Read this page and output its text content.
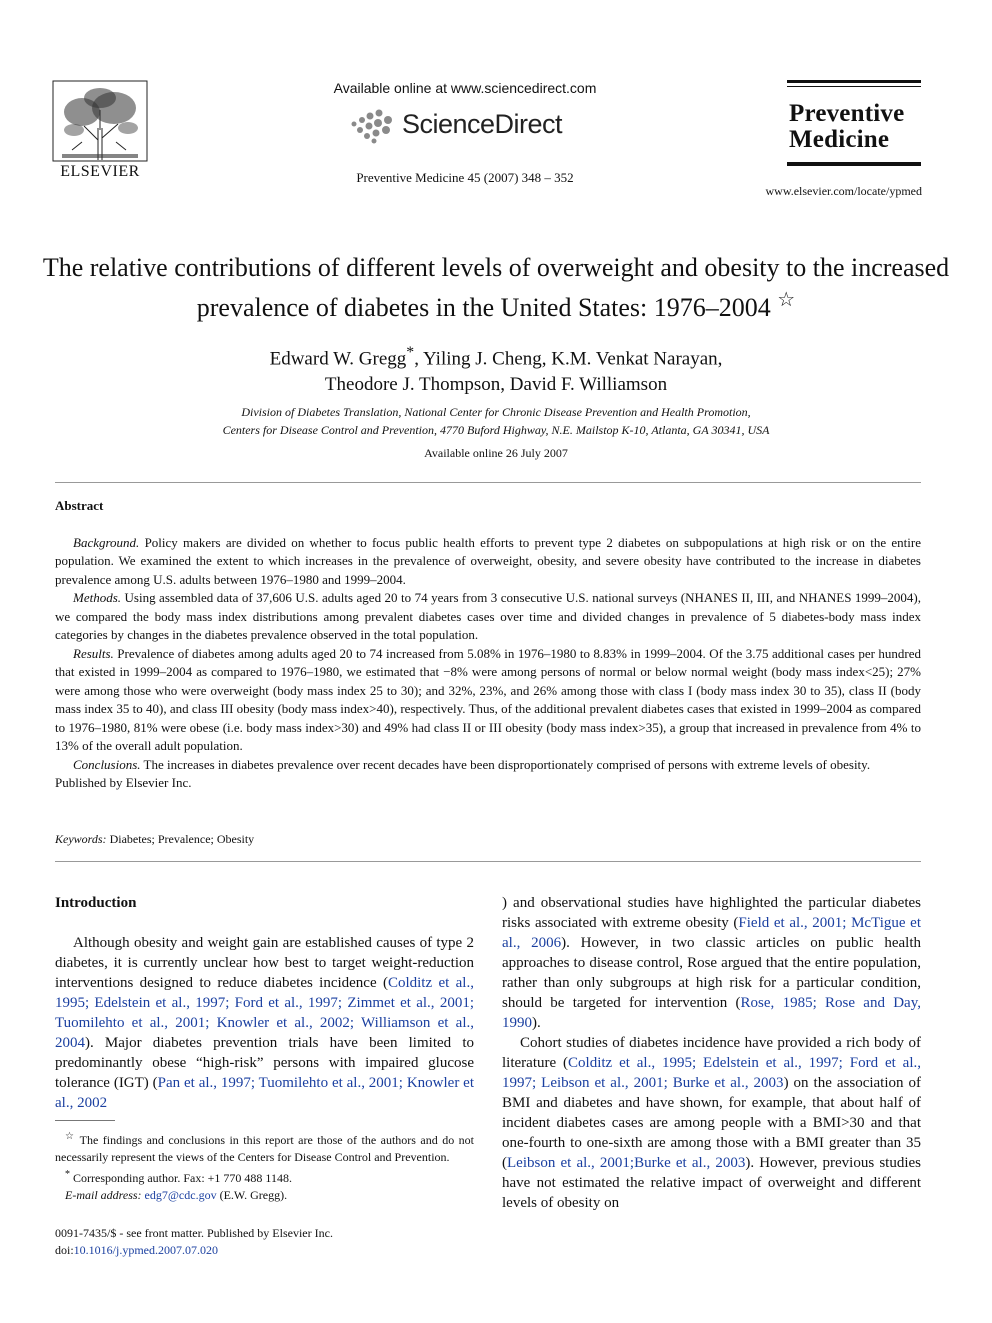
ELSEVIER
Available online at www.sciencedirect.com
ScienceDirect
Preventive Medicine 45 (2007) 348 – 352
Preventive
Medicine
www.elsevier.com/locate/ypmed
The relative contributions of different levels of overweight and obesity to the increased prevalence of diabetes in the United States: 1976–2004 ☆
Edward W. Gregg*, Yiling J. Cheng, K.M. Venkat Narayan,
Theodore J. Thompson, David F. Williamson
Division of Diabetes Translation, National Center for Chronic Disease Prevention and Health Promotion,
Centers for Disease Control and Prevention, 4770 Buford Highway, N.E. Mailstop K-10, Atlanta, GA 30341, USA
Available online 26 July 2007
Abstract

Background. Policy makers are divided on whether to focus public health efforts to prevent type 2 diabetes on subpopulations at high risk or on the entire population. We examined the extent to which increases in the prevalence of overweight, obesity, and severe obesity have contributed to the increase in diabetes prevalence among U.S. adults between 1976–1980 and 1999–2004.

Methods. Using assembled data of 37,606 U.S. adults aged 20 to 74 years from 3 consecutive U.S. national surveys (NHANES II, III, and NHANES 1999–2004), we compared the body mass index distributions among prevalent diabetes cases over time and divided changes in prevalence of 5 diabetes-body mass index categories by changes in the diabetes prevalence observed in the total population.

Results. Prevalence of diabetes among adults aged 20 to 74 increased from 5.08% in 1976–1980 to 8.83% in 1999–2004. Of the 3.75 additional cases per hundred that existed in 1999–2004 as compared to 1976–1980, we estimated that −8% were among persons of normal or below normal weight (body mass index<25); 27% were among those who were overweight (body mass index 25 to 30); and 32%, 23%, and 26% among those with class I (body mass index 30 to 35), class II (body mass index 35 to 40), and class III obesity (body mass index>40), respectively. Thus, of the additional prevalent diabetes cases that existed in 1999–2004 as compared to 1976–1980, 81% were obese (i.e. body mass index>30) and 49% had class II or III obesity (body mass index>35), a group that increased in prevalence from 4% to 13% of the overall adult population.

Conclusions. The increases in diabetes prevalence over recent decades have been disproportionately comprised of persons with extreme levels of obesity.

Published by Elsevier Inc.

Keywords: Diabetes; Prevalence; Obesity
Introduction

Although obesity and weight gain are established causes of type 2 diabetes, it is currently unclear how best to target weight-reduction interventions designed to reduce diabetes incidence (Colditz et al., 1995; Edelstein et al., 1997; Ford et al., 1997; Zimmet et al., 2001; Tuomilehto et al., 2001; Knowler et al., 2002; Williamson et al., 2004). Major diabetes prevention trials have been limited to predominantly obese “high-risk” persons with impaired glucose tolerance (IGT) (Pan et al., 1997; Tuomilehto et al., 2001; Knowler et al., 2002

☆ The findings and conclusions in this report are those of the authors and do not necessarily represent the views of the Centers for Disease Control and Prevention.

* Corresponding author. Fax: +1 770 488 1148.

E-mail address: edg7@cdc.gov (E.W. Gregg).

0091-7435/$ - see front matter. Published by Elsevier Inc.
doi:10.1016/j.ypmed.2007.07.020

) and observational studies have highlighted the particular diabetes risks associated with extreme obesity (Field et al., 2001; McTigue et al., 2006). However, in two classic articles on public health approaches to disease control, Rose argued that the entire population, rather than only subgroups at high risk for a particular condition, should be targeted for intervention (Rose, 1985; Rose and Day, 1990).

Cohort studies of diabetes incidence have provided a rich body of literature (Colditz et al., 1995; Edelstein et al., 1997; Ford et al., 1997; Leibson et al., 2001; Burke et al., 2003) on the association of BMI and diabetes and have shown, for example, that about half of incident diabetes cases are among people with a BMI>30 and that one-fourth to one-sixth are among those with a BMI greater than 35 (Leibson et al., 2001;Burke et al., 2003). However, previous studies have not estimated the relative impact of overweight and different levels of obesity on
